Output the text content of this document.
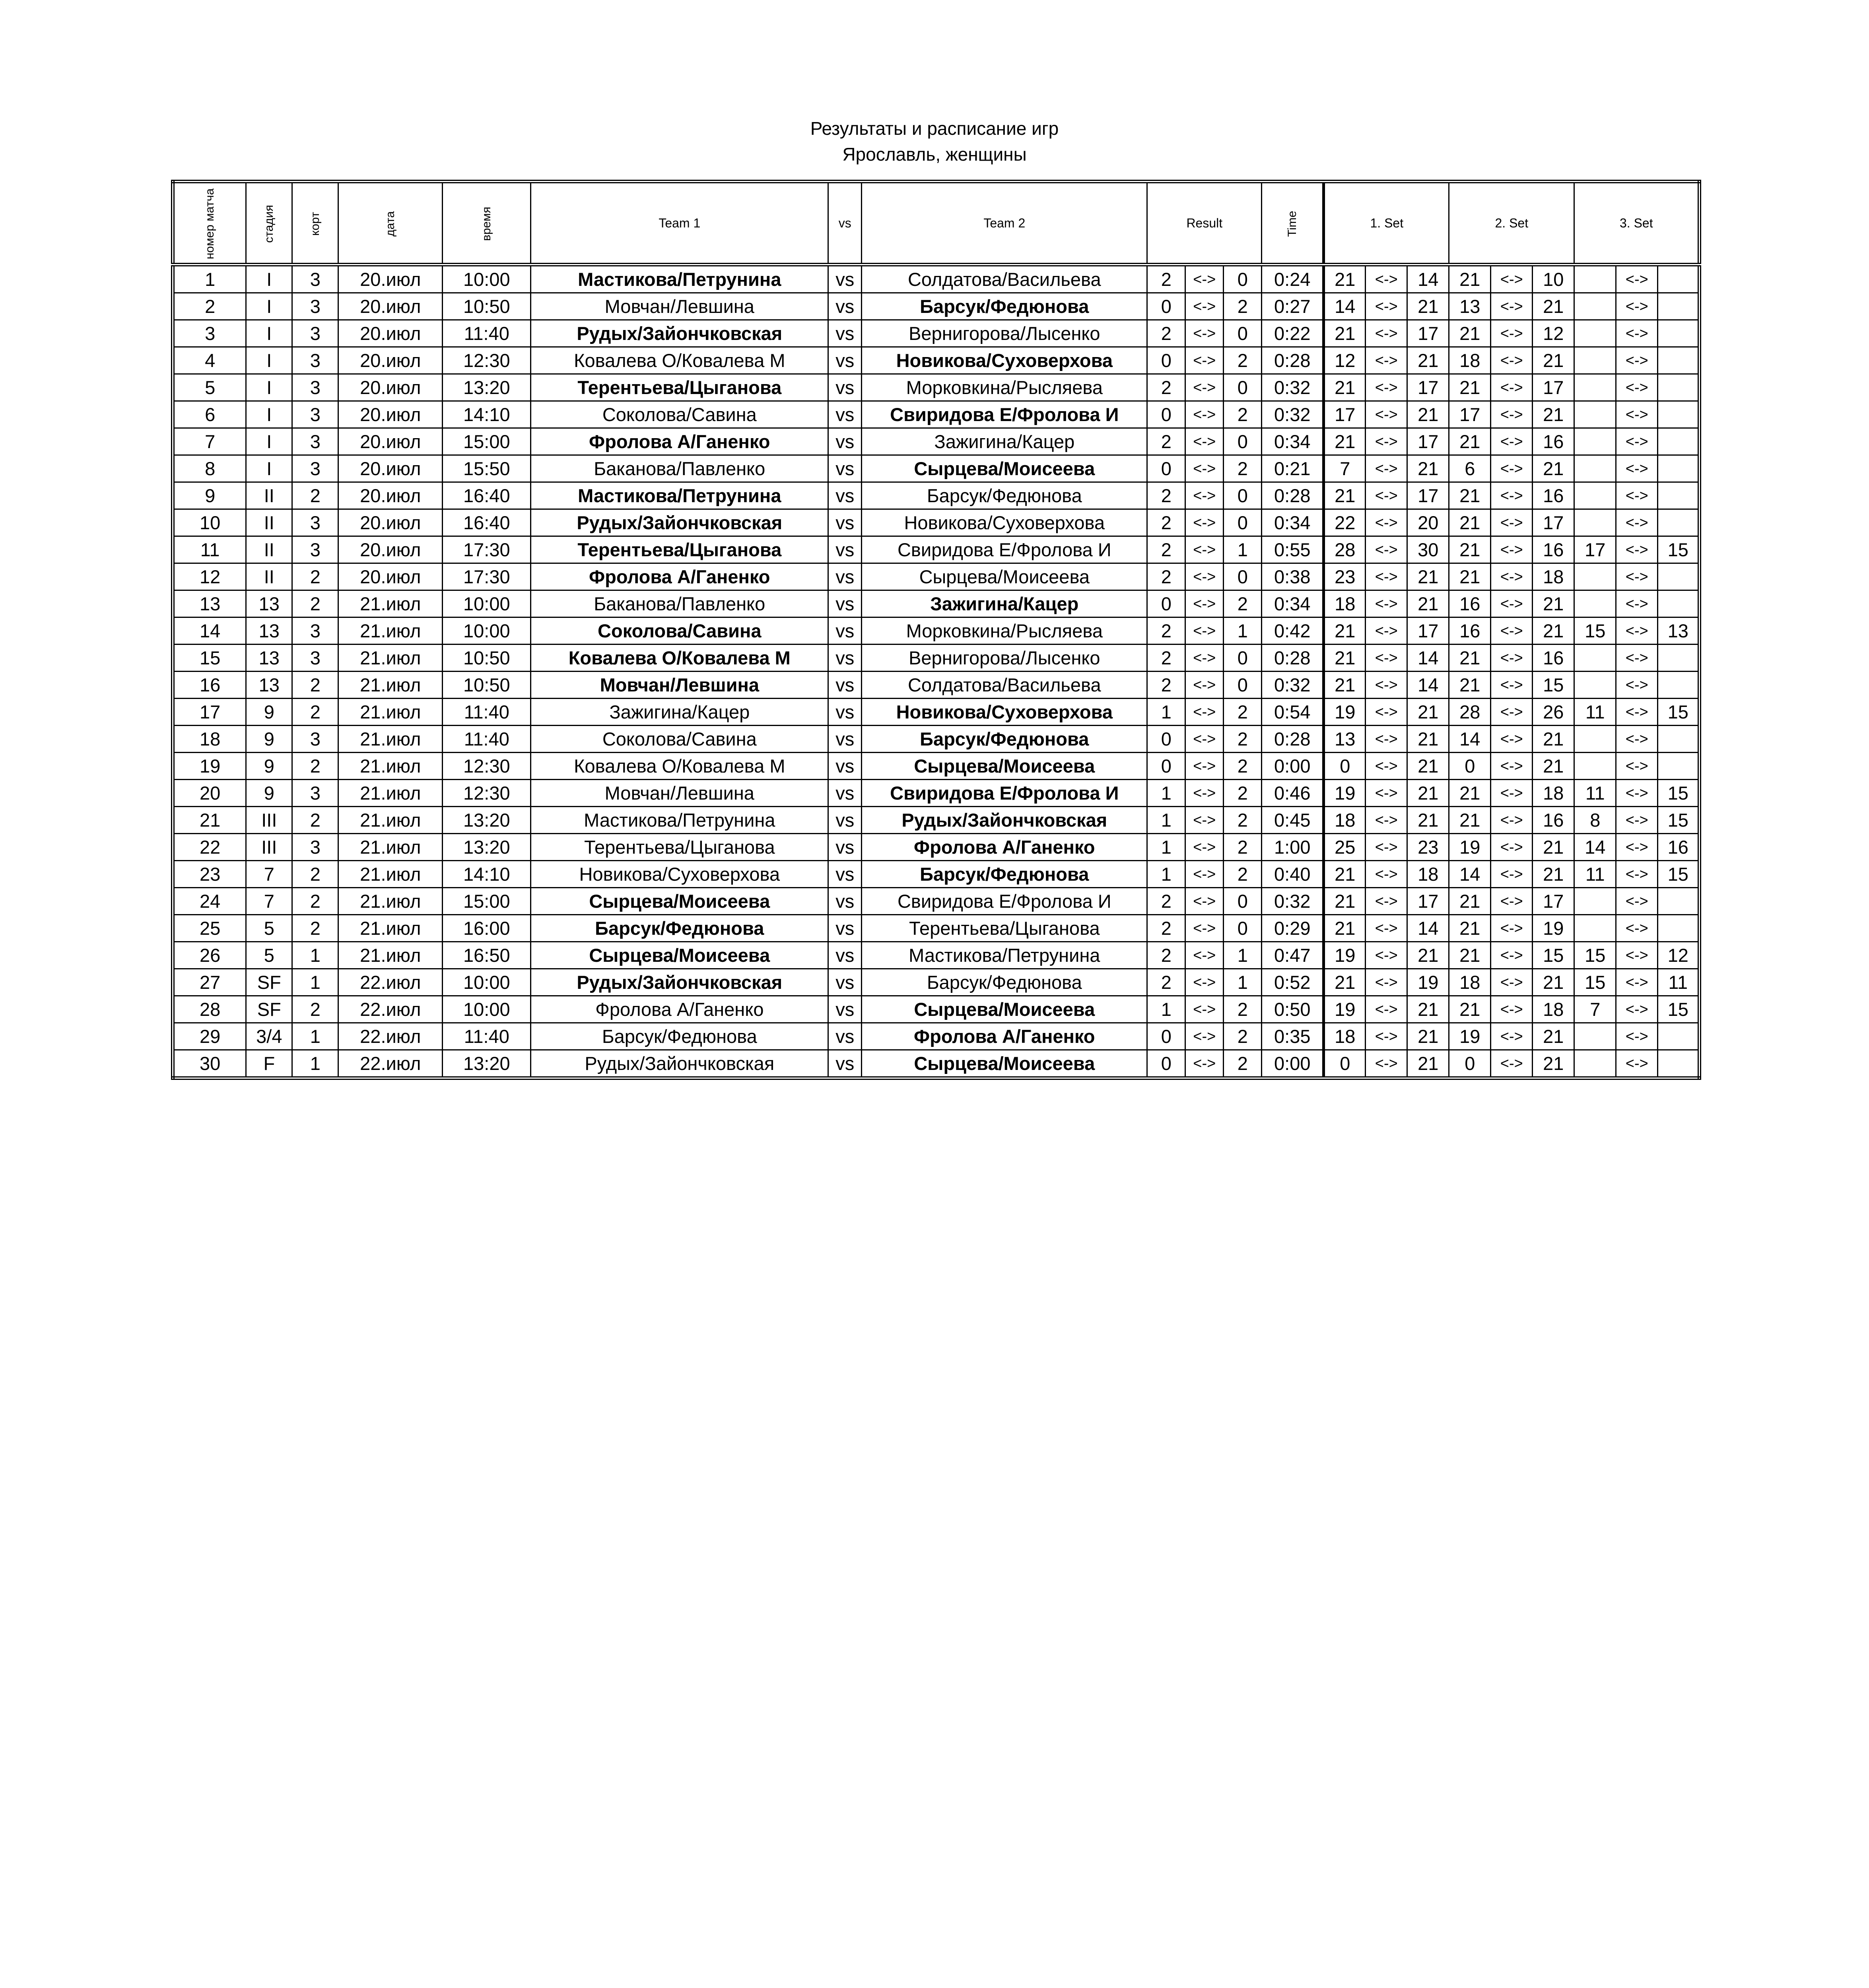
Результаты и расписание игр
Ярославль, женщины
номер матча	стадия	корт	дата	время	Team 1	vs	Team 2	Result			Time	1. Set			2. Set			3. Set		
1	I	3	20.июл	10:00	Мастикова/Петрунина	vs	Солдатова/Васильева	2	<->	0	0:24	21	<->	14	21	<->	10		<->	
2	I	3	20.июл	10:50	Мовчан/Левшина	vs	Барсук/Федюнова	0	<->	2	0:27	14	<->	21	13	<->	21		<->	
3	I	3	20.июл	11:40	Рудых/Зайончковская	vs	Вернигорова/Лысенко	2	<->	0	0:22	21	<->	17	21	<->	12		<->	
4	I	3	20.июл	12:30	Ковалева О/Ковалева М	vs	Новикова/Суховерхова	0	<->	2	0:28	12	<->	21	18	<->	21		<->	
5	I	3	20.июл	13:20	Терентьева/Цыганова	vs	Морковкина/Рысляева	2	<->	0	0:32	21	<->	17	21	<->	17		<->	
6	I	3	20.июл	14:10	Соколова/Савина	vs	Свиридова Е/Фролова И	0	<->	2	0:32	17	<->	21	17	<->	21		<->	
7	I	3	20.июл	15:00	Фролова А/Ганенко	vs	Зажигина/Кацер	2	<->	0	0:34	21	<->	17	21	<->	16		<->	
8	I	3	20.июл	15:50	Баканова/Павленко	vs	Сырцева/Моисеева	0	<->	2	0:21	7	<->	21	6	<->	21		<->	
9	II	2	20.июл	16:40	Мастикова/Петрунина	vs	Барсук/Федюнова	2	<->	0	0:28	21	<->	17	21	<->	16		<->	
10	II	3	20.июл	16:40	Рудых/Зайончковская	vs	Новикова/Суховерхова	2	<->	0	0:34	22	<->	20	21	<->	17		<->	
11	II	3	20.июл	17:30	Терентьева/Цыганова	vs	Свиридова Е/Фролова И	2	<->	1	0:55	28	<->	30	21	<->	16	17	<->	15
12	II	2	20.июл	17:30	Фролова А/Ганенко	vs	Сырцева/Моисеева	2	<->	0	0:38	23	<->	21	21	<->	18		<->	
13	13	2	21.июл	10:00	Баканова/Павленко	vs	Зажигина/Кацер	0	<->	2	0:34	18	<->	21	16	<->	21		<->	
14	13	3	21.июл	10:00	Соколова/Савина	vs	Морковкина/Рысляева	2	<->	1	0:42	21	<->	17	16	<->	21	15	<->	13
15	13	3	21.июл	10:50	Ковалева О/Ковалева М	vs	Вернигорова/Лысенко	2	<->	0	0:28	21	<->	14	21	<->	16		<->	
16	13	2	21.июл	10:50	Мовчан/Левшина	vs	Солдатова/Васильева	2	<->	0	0:32	21	<->	14	21	<->	15		<->	
17	9	2	21.июл	11:40	Зажигина/Кацер	vs	Новикова/Суховерхова	1	<->	2	0:54	19	<->	21	28	<->	26	11	<->	15
18	9	3	21.июл	11:40	Соколова/Савина	vs	Барсук/Федюнова	0	<->	2	0:28	13	<->	21	14	<->	21		<->	
19	9	2	21.июл	12:30	Ковалева О/Ковалева М	vs	Сырцева/Моисеева	0	<->	2	0:00	0	<->	21	0	<->	21		<->	
20	9	3	21.июл	12:30	Мовчан/Левшина	vs	Свиридова Е/Фролова И	1	<->	2	0:46	19	<->	21	21	<->	18	11	<->	15
21	III	2	21.июл	13:20	Мастикова/Петрунина	vs	Рудых/Зайончковская	1	<->	2	0:45	18	<->	21	21	<->	16	8	<->	15
22	III	3	21.июл	13:20	Терентьева/Цыганова	vs	Фролова А/Ганенко	1	<->	2	1:00	25	<->	23	19	<->	21	14	<->	16
23	7	2	21.июл	14:10	Новикова/Суховерхова	vs	Барсук/Федюнова	1	<->	2	0:40	21	<->	18	14	<->	21	11	<->	15
24	7	2	21.июл	15:00	Сырцева/Моисеева	vs	Свиридова Е/Фролова И	2	<->	0	0:32	21	<->	17	21	<->	17		<->	
25	5	2	21.июл	16:00	Барсук/Федюнова	vs	Терентьева/Цыганова	2	<->	0	0:29	21	<->	14	21	<->	19		<->	
26	5	1	21.июл	16:50	Сырцева/Моисеева	vs	Мастикова/Петрунина	2	<->	1	0:47	19	<->	21	21	<->	15	15	<->	12
27	SF	1	22.июл	10:00	Рудых/Зайончковская	vs	Барсук/Федюнова	2	<->	1	0:52	21	<->	19	18	<->	21	15	<->	11
28	SF	2	22.июл	10:00	Фролова А/Ганенко	vs	Сырцева/Моисеева	1	<->	2	0:50	19	<->	21	21	<->	18	7	<->	15
29	3/4	1	22.июл	11:40	Барсук/Федюнова	vs	Фролова А/Ганенко	0	<->	2	0:35	18	<->	21	19	<->	21		<->	
30	F	1	22.июл	13:20	Рудых/Зайончковская	vs	Сырцева/Моисеева	0	<->	2	0:00	0	<->	21	0	<->	21		<->	
